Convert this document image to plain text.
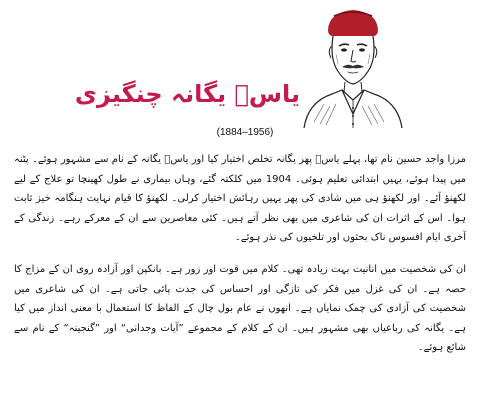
یاسؔ یگانہ چنگیزی
(1884–1956)

مرزا واجد حسین نام تھا، پہلے یاسؔ پھر یگانہ تخلص اختیار کیا اور یاسؔ یگانہ کے نام سے مشہور ہوئے۔ پٹنہ میں پیدا ہوئے، یہیں ابتدائی تعلیم ہوئی۔ 1904 میں کلکتہ گئے، وہاں بیماری نے طول کھینچا تو علاج کے لیے لکھنؤ آئے۔ اور لکھنؤ ہی میں شادی کی پھر یہیں رہائش اختیار کرلی۔ لکھنؤ کا قیام نہایت ہنگامہ خیز ثابت ہوا۔ اس کے اثرات ان کی شاعری میں بھی نظر آتے ہیں۔ کئی معاصرین سے ان کے معرکے رہے۔ زندگی کے آخری ایام افسوس ناک بحثوں اور تلخیوں کی نذر ہوئے۔

ان کی شخصیت میں انانیت بہت زیادہ تھی۔ کلام میں قوت اور زور ہے۔ بانکپن اور آزادہ روی ان کے مزاج کا حصہ ہے۔ ان کی غزل میں فکر کی تازگی اور احساس کی جدت پائی جاتی ہے۔ ان کی شاعری میں شخصیت کی آزادی کی چمک نمایاں ہے۔ انھوں نے عام بول چال کے الفاظ کا استعمال با معنی انداز میں کیا ہے۔ یگانہ کی رباعیاں بھی مشہور ہیں۔ ان کے کلام کے مجموعے ”آیات وجدانی“ اور ”گنجینہ“ کے نام سے شائع ہوئے۔
